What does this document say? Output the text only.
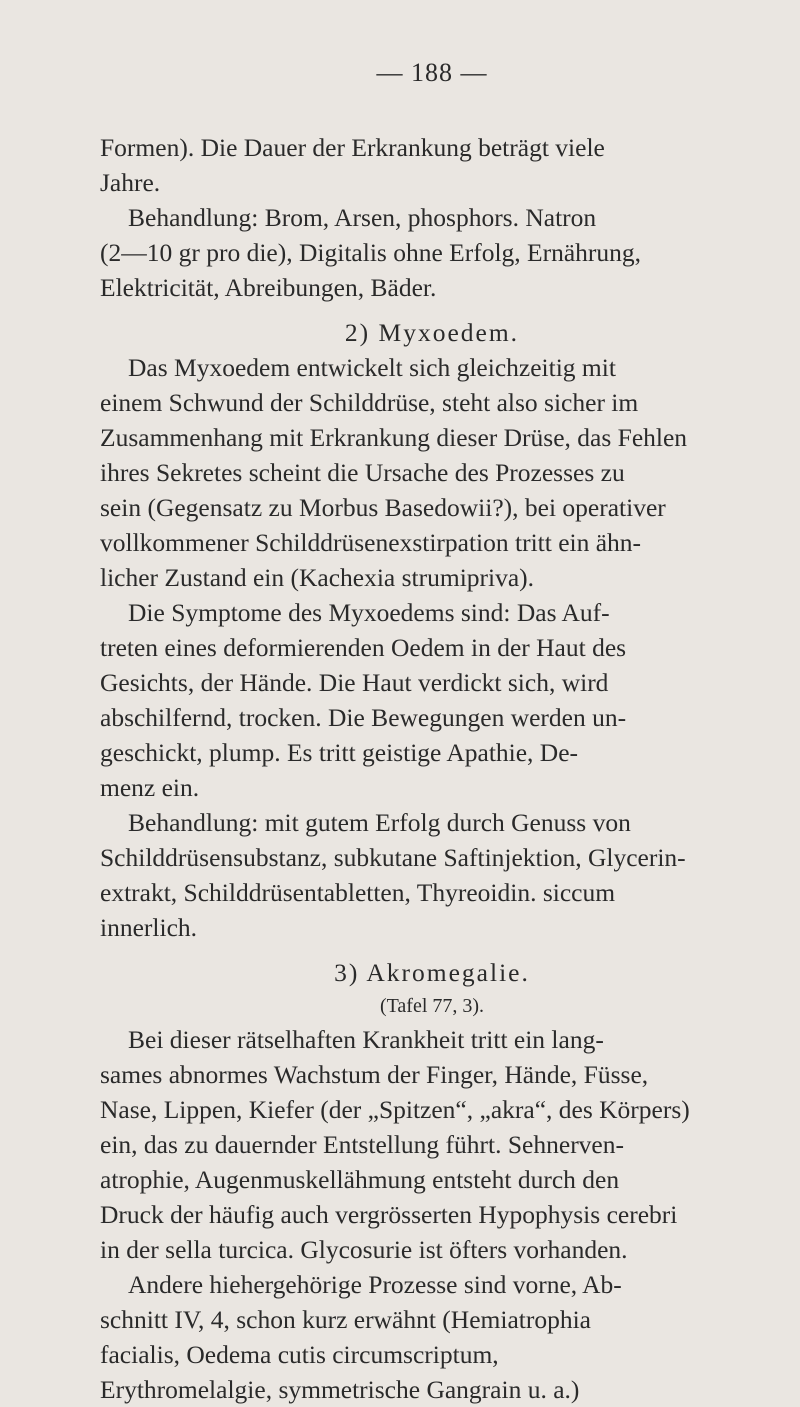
— 188 —
Formen). Die Dauer der Erkrankung beträgt viele
Jahre.
Behandlung: Brom, Arsen, phosphors. Natron
(2—10 gr pro die), Digitalis ohne Erfolg, Ernährung,
Elektricität, Abreibungen, Bäder.
2) Myxoedem.
Das Myxoedem entwickelt sich gleichzeitig mit
einem Schwund der Schilddrüse, steht also sicher im
Zusammenhang mit Erkrankung dieser Drüse, das Fehlen
ihres Sekretes scheint die Ursache des Prozesses zu
sein (Gegensatz zu Morbus Basedowii?), bei operativer
vollkommener Schilddrüsenexstirpation tritt ein ähn-
licher Zustand ein (Kachexia strumipriva).
Die Symptome des Myxoedems sind: Das Auf-
treten eines deformierenden Oedem in der Haut des
Gesichts, der Hände. Die Haut verdickt sich, wird
abschilfernd, trocken. Die Bewegungen werden un-
geschickt, plump. Es tritt geistige Apathie, De-
menz ein.
Behandlung: mit gutem Erfolg durch Genuss von
Schilddrüsensubstanz, subkutane Saftinjektion, Glycerin-
extrakt, Schilddrüsentabletten, Thyreoidin. siccum
innerlich.
3) Akromegalie.
(Tafel 77, 3).
Bei dieser rätselhaften Krankheit tritt ein lang-
sames abnormes Wachstum der Finger, Hände, Füsse,
Nase, Lippen, Kiefer (der „Spitzen“, „akra“, des Körpers)
ein, das zu dauernder Entstellung führt. Sehnerven-
atrophie, Augenmuskellähmung entsteht durch den
Druck der häufig auch vergrösserten Hypophysis cerebri
in der sella turcica. Glycosurie ist öfters vorhanden.
Andere hiehergehörige Prozesse sind vorne, Ab-
schnitt IV, 4, schon kurz erwähnt (Hemiatrophia
facialis, Oedema cutis circumscriptum,
Erythromelalgie, symmetrische Gangrain u. a.)
